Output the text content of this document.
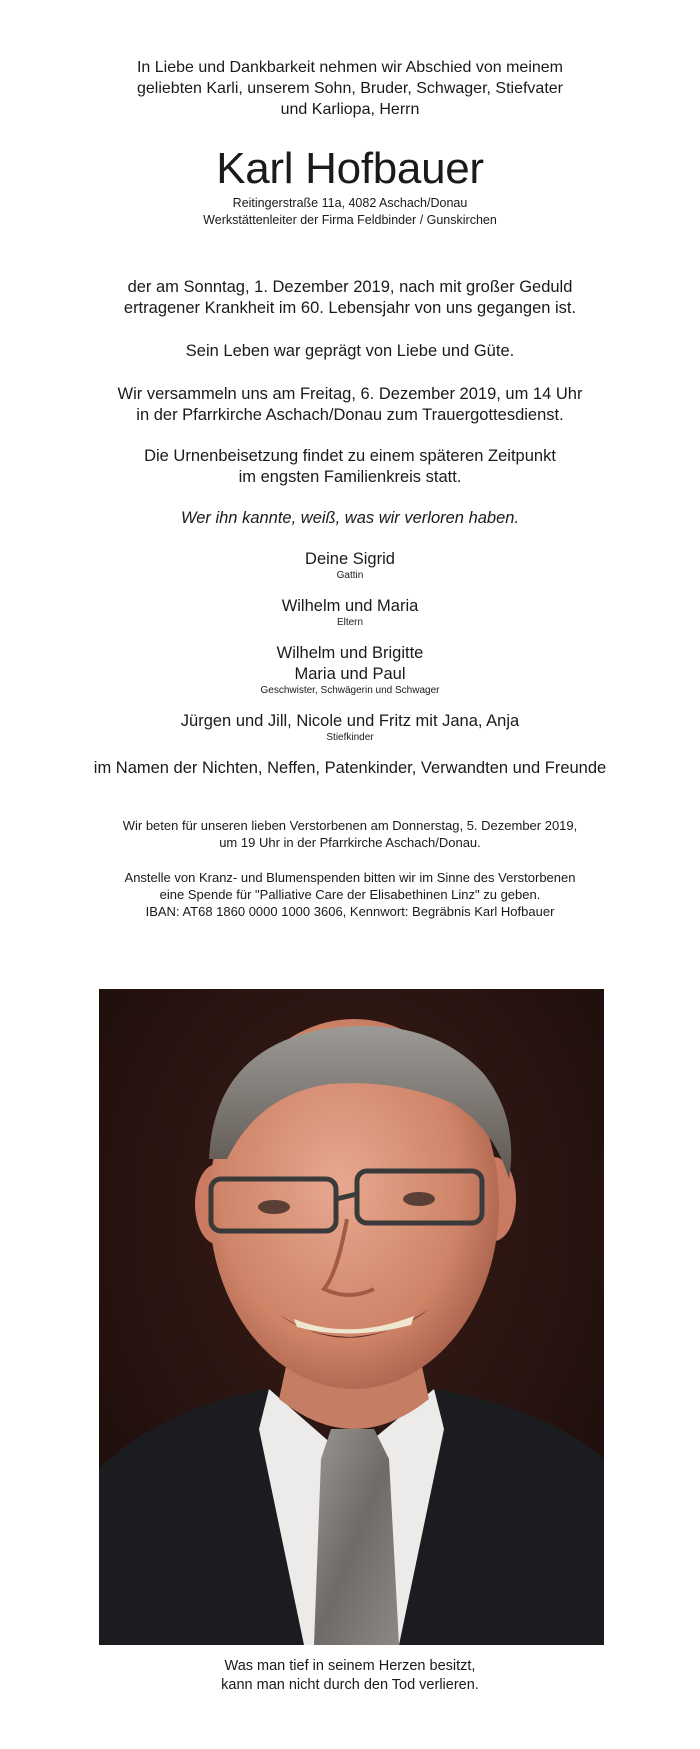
In Liebe und Dankbarkeit nehmen wir Abschied von meinem
geliebten Karli, unserem Sohn, Bruder, Schwager, Stiefvater
und Karliopa, Herrn
Karl Hofbauer
Reitingerstraße 11a, 4082 Aschach/Donau
Werkstättenleiter der Firma Feldbinder / Gunskirchen
der am Sonntag, 1. Dezember 2019, nach mit großer Geduld
ertragener Krankheit im 60. Lebensjahr von uns gegangen ist.
Sein Leben war geprägt von Liebe und Güte.
Wir versammeln uns am Freitag, 6. Dezember 2019, um 14 Uhr
in der Pfarrkirche Aschach/Donau zum Trauergottesdienst.
Die Urnenbeisetzung findet zu einem späteren Zeitpunkt
im engsten Familienkreis statt.
Wer ihn kannte, weiß, was wir verloren haben.
Deine Sigrid
Gattin
Wilhelm und Maria
Eltern
Wilhelm und Brigitte
Maria und Paul
Geschwister, Schwägerin und Schwager
Jürgen und Jill, Nicole und Fritz mit Jana, Anja
Stiefkinder
im Namen der Nichten, Neffen, Patenkinder, Verwandten und Freunde
Wir beten für unseren lieben Verstorbenen am Donnerstag, 5. Dezember 2019,
um 19 Uhr in der Pfarrkirche Aschach/Donau.
Anstelle von Kranz- und Blumenspenden bitten wir im Sinne des Verstorbenen
eine Spende für "Palliative Care der Elisabethinen Linz" zu geben.
IBAN: AT68 1860 0000 1000 3606, Kennwort: Begräbnis Karl Hofbauer
Was man tief in seinem Herzen besitzt,
kann man nicht durch den Tod verlieren.
